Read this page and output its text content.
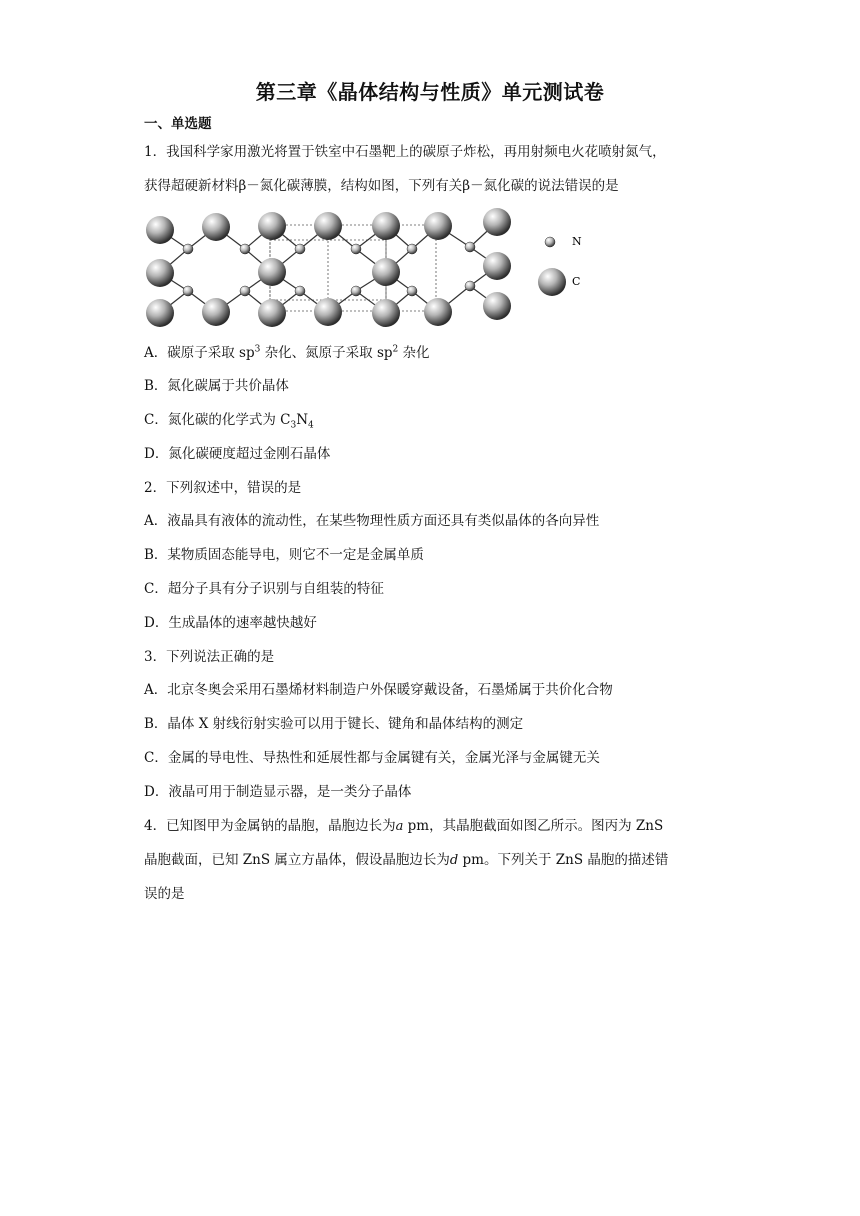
第三章《晶体结构与性质》单元测试卷
一、单选题
1．我国科学家用激光将置于铁室中石墨靶上的碳原子炸松，再用射频电火花喷射氮气，
获得超硬新材料β－氮化碳薄膜，结构如图，下列有关β－氮化碳的说法错误的是
N
C
A．碳原子采取 $sp^3$ 杂化、氮原子采取 $sp^2$ 杂化
B．氮化碳属于共价晶体
C．氮化碳的化学式为 $C_3N_4$
D．氮化碳硬度超过金刚石晶体
2．下列叙述中，错误的是
A．液晶具有液体的流动性，在某些物理性质方面还具有类似晶体的各向异性
B．某物质固态能导电，则它不一定是金属单质
C．超分子具有分子识别与自组装的特征
D．生成晶体的速率越快越好
3．下列说法正确的是
A．北京冬奥会采用石墨烯材料制造户外保暖穿戴设备，石墨烯属于共价化合物
B．晶体 X 射线衍射实验可以用于键长、键角和晶体结构的测定
C．金属的导电性、导热性和延展性都与金属键有关，金属光泽与金属键无关
D．液晶可用于制造显示器，是一类分子晶体
4．已知图甲为金属钠的晶胞，晶胞边长为a pm，其晶胞截面如图乙所示。图丙为 ZnS
晶胞截面，已知 ZnS 属立方晶体，假设晶胞边长为d pm。下列关于 ZnS 晶胞的描述错
误的是
